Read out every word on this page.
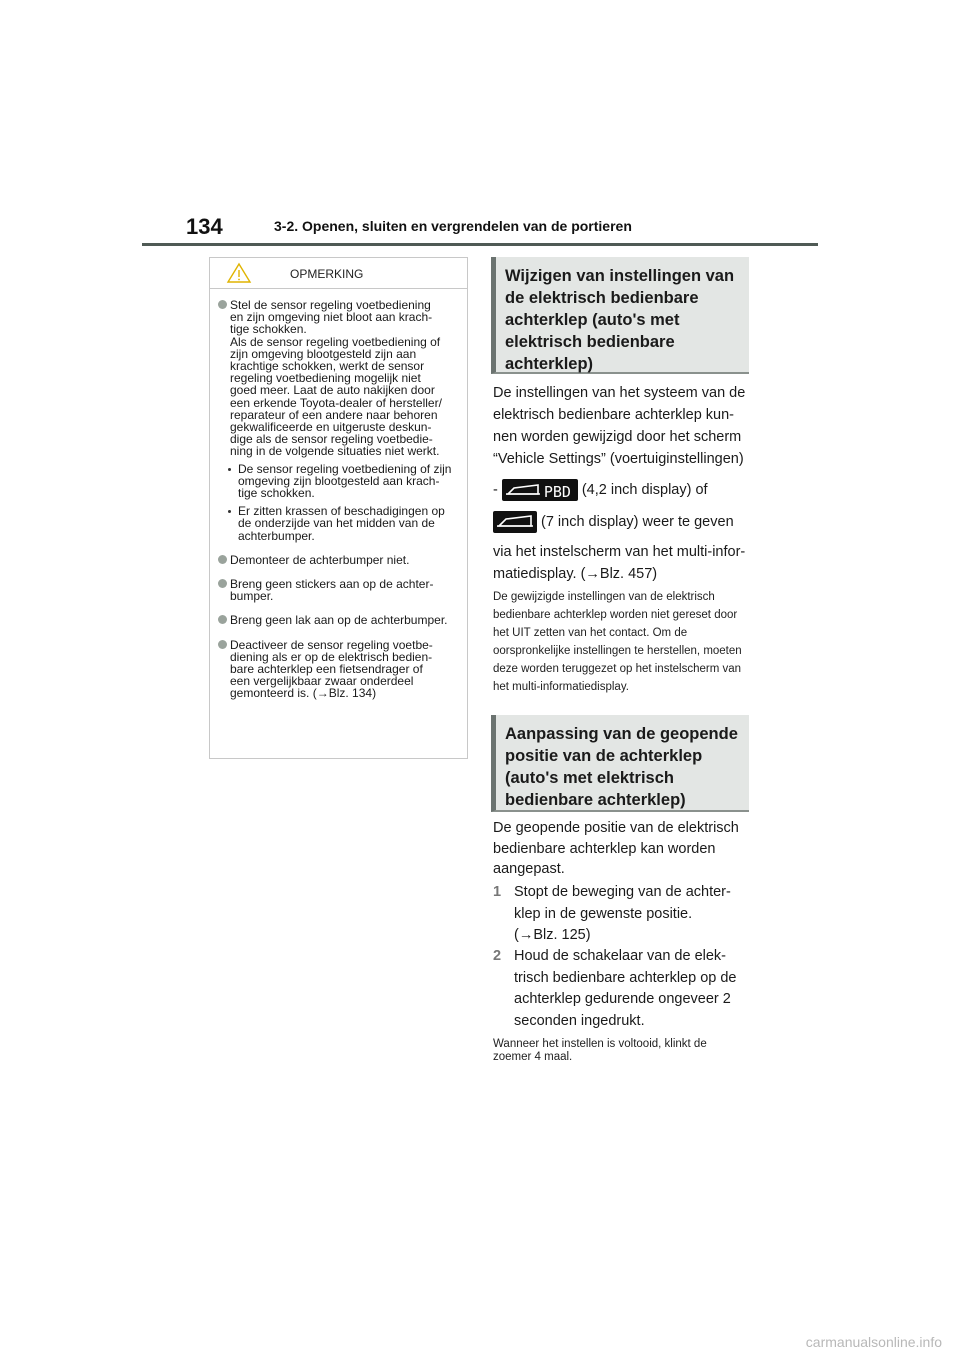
134	3-2. Openen, sluiten en vergrendelen van de portieren
OPMERKING
Stel de sensor regeling voetbediening
en zijn omgeving niet bloot aan krach-
tige schokken.
Als de sensor regeling voetbediening of
zijn omgeving blootgesteld zijn aan
krachtige schokken, werkt de sensor
regeling voetbediening mogelijk niet
goed meer. Laat de auto nakijken door
een erkende Toyota-dealer of hersteller/
reparateur of een andere naar behoren
gekwalificeerde en uitgeruste deskun-
dige als de sensor regeling voetbedie-
ning in de volgende situaties niet werkt.
De sensor regeling voetbediening of zijn
omgeving zijn blootgesteld aan krach-
tige schokken.
Er zitten krassen of beschadigingen op
de onderzijde van het midden van de
achterbumper.
Demonteer de achterbumper niet.
Breng geen stickers aan op de achter-
bumper.
Breng geen lak aan op de achterbumper.
Deactiveer de sensor regeling voetbe-
diening als er op de elektrisch bedien-
bare achterklep een fietsendrager of
een vergelijkbaar zwaar onderdeel
gemonteerd is. (→Blz. 134)
Wijzigen van instellingen van
de elektrisch bedienbare
achterklep (auto's met
elektrisch bedienbare
achterklep)
De instellingen van het systeem van de elektrisch bedienbare achterklep kun-nen worden gewijzigd door het scherm “Vehicle Settings” (voertuiginstellingen)
-	PBD (4,2 inch display) of
(7 inch display) weer te geven
via het instelscherm van het multi-infor-matiedisplay. (→Blz. 457)
De gewijzigde instellingen van de elektrisch bedienbare achterklep worden niet gereset door het UIT zetten van het contact. Om de oorspronkelijke instellingen te herstellen, moeten deze worden teruggezet op het instelscherm van het multi-informatiedisplay.
Aanpassing van de geopende
positie van de achterklep
(auto's met elektrisch
bedienbare achterklep)
De geopende positie van de elektrisch bedienbare achterklep kan worden aangepast.
1 Stopt de beweging van de achter-
klep in de gewenste positie.
(→Blz. 125)
2 Houd de schakelaar van de elek-
trisch bedienbare achterklep op de
achterklep gedurende ongeveer 2
seconden ingedrukt.
Wanneer het instellen is voltooid, klinkt de zoemer 4 maal.
carmanualsonline.info
